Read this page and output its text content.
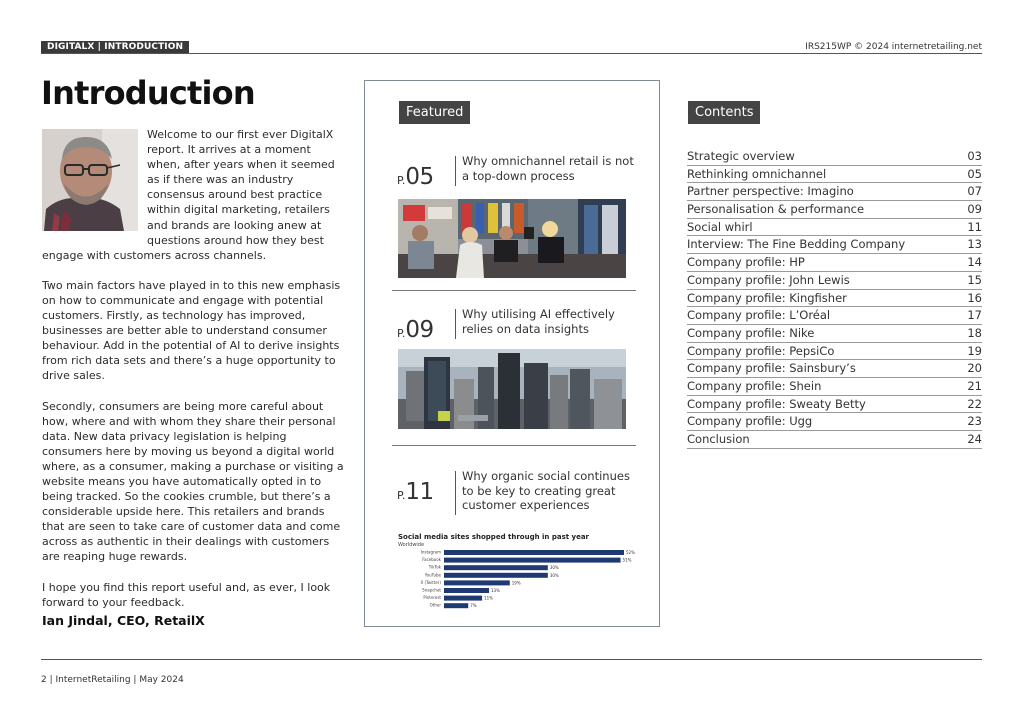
DIGITALX | INTRODUCTION	IRS215WP © 2024 internetretailing.net
Introduction

Welcome to our first ever DigitalX report. It arrives at a moment when, after years when it seemed as if there was an industry consensus around best practice within digital marketing, retailers and brands are looking anew at questions around how they best engage with customers across channels.

Two main factors have played in to this new emphasis on how to communicate and engage with potential customers. Firstly, as technology has improved, businesses are better able to understand consumer behaviour. Add in the potential of AI to derive insights from rich data sets and there’s a huge opportunity to drive sales.

Secondly, consumers are being more careful about how, where and with whom they share their personal data. New data privacy legislation is helping consumers here by moving us beyond a digital world where, as a consumer, making a purchase or visiting a website means you have automatically opted in to being tracked. So the cookies crumble, but there’s a considerable upside here. This retailers and brands that are seen to take care of customer data and come across as authentic in their dealings with customers are reaping huge rewards.

I hope you find this report useful and, as ever, I look forward to your feedback.

Ian Jindal, CEO, RetailX
Featured
P.05
Why omnichannel retail is not a top-down process
P.09
Why utilising AI effectively relies on data insights
P.11
Why organic social continues to be key to creating great customer experiences
Social media sites shopped through in past year
Worldwide
Instagram	52%
Facebook	51%
TikTok	30%
YouTube	30%
X (Twitter)	19%
Snapchat	13%
Pinterest	11%
Other	7%
Contents
Strategic overview	03
Rethinking omnichannel	05
Partner perspective: Imagino	07
Personalisation & performance	09
Social whirl	11
Interview: The Fine Bedding Company	13
Company profile: HP	14
Company profile: John Lewis	15
Company profile: Kingfisher	16
Company profile: L’Oréal	17
Company profile: Nike	18
Company profile: PepsiCo	19
Company profile: Sainsbury’s	20
Company profile: Shein	21
Company profile: Sweaty Betty	22
Company profile: Ugg	23
Conclusion	24
2 | InternetRetailing | May 2024
